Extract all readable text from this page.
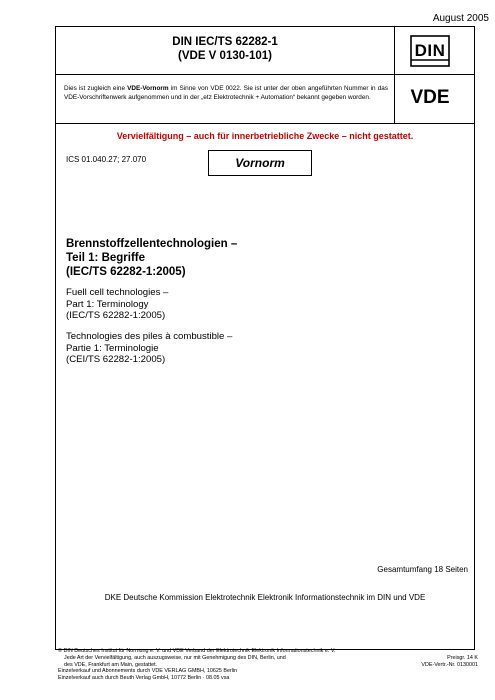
August 2005
DIN IEC/TS 62282-1
(VDE V 0130-101)	DIN
VDE
Dies ist zugleich eine VDE-Vornorm im Sinne von VDE 0022. Sie ist unter der oben angeführten Nummer in das VDE-Vorschriftenwerk aufgenommen und in der „etz Elektrotechnik + Automation“ bekannt gegeben worden.
Vervielfältigung – auch für innerbetriebliche Zwecke – nicht gestattet.
ICS 01.040.27; 27.070	Vornorm
Brennstoffzellentechnologien –
Teil 1: Begriffe
(IEC/TS 62282-1:2005)
Fuell cell technologies –
Part 1: Terminology
(IEC/TS 62282-1:2005)
Technologies des piles à combustible –
Partie 1: Terminologie
(CEI/TS 62282-1:2005)
Gesamtumfang 18 Seiten
DKE Deutsche Kommission Elektrotechnik Elektronik Informationstechnik im DIN und VDE
© DIN Deutsches Institut für Normung e. V. und VDE Verband der Elektrotechnik Elektronik Informationstechnik e. V.
Jede Art der Vervielfältigung, auch auszugsweise, nur mit Genehmigung des DIN, Berlin, und
des VDE, Frankfurt am Main, gestattet.
Einzelverkauf und Abonnements durch VDE VERLAG GMBH, 10625 Berlin
Einzelverkauf auch durch Beuth Verlag GmbH, 10772 Berlin · 08.05 vsa

Preisgr. 14 K
VDE-Vertr.-Nr. 0130001
